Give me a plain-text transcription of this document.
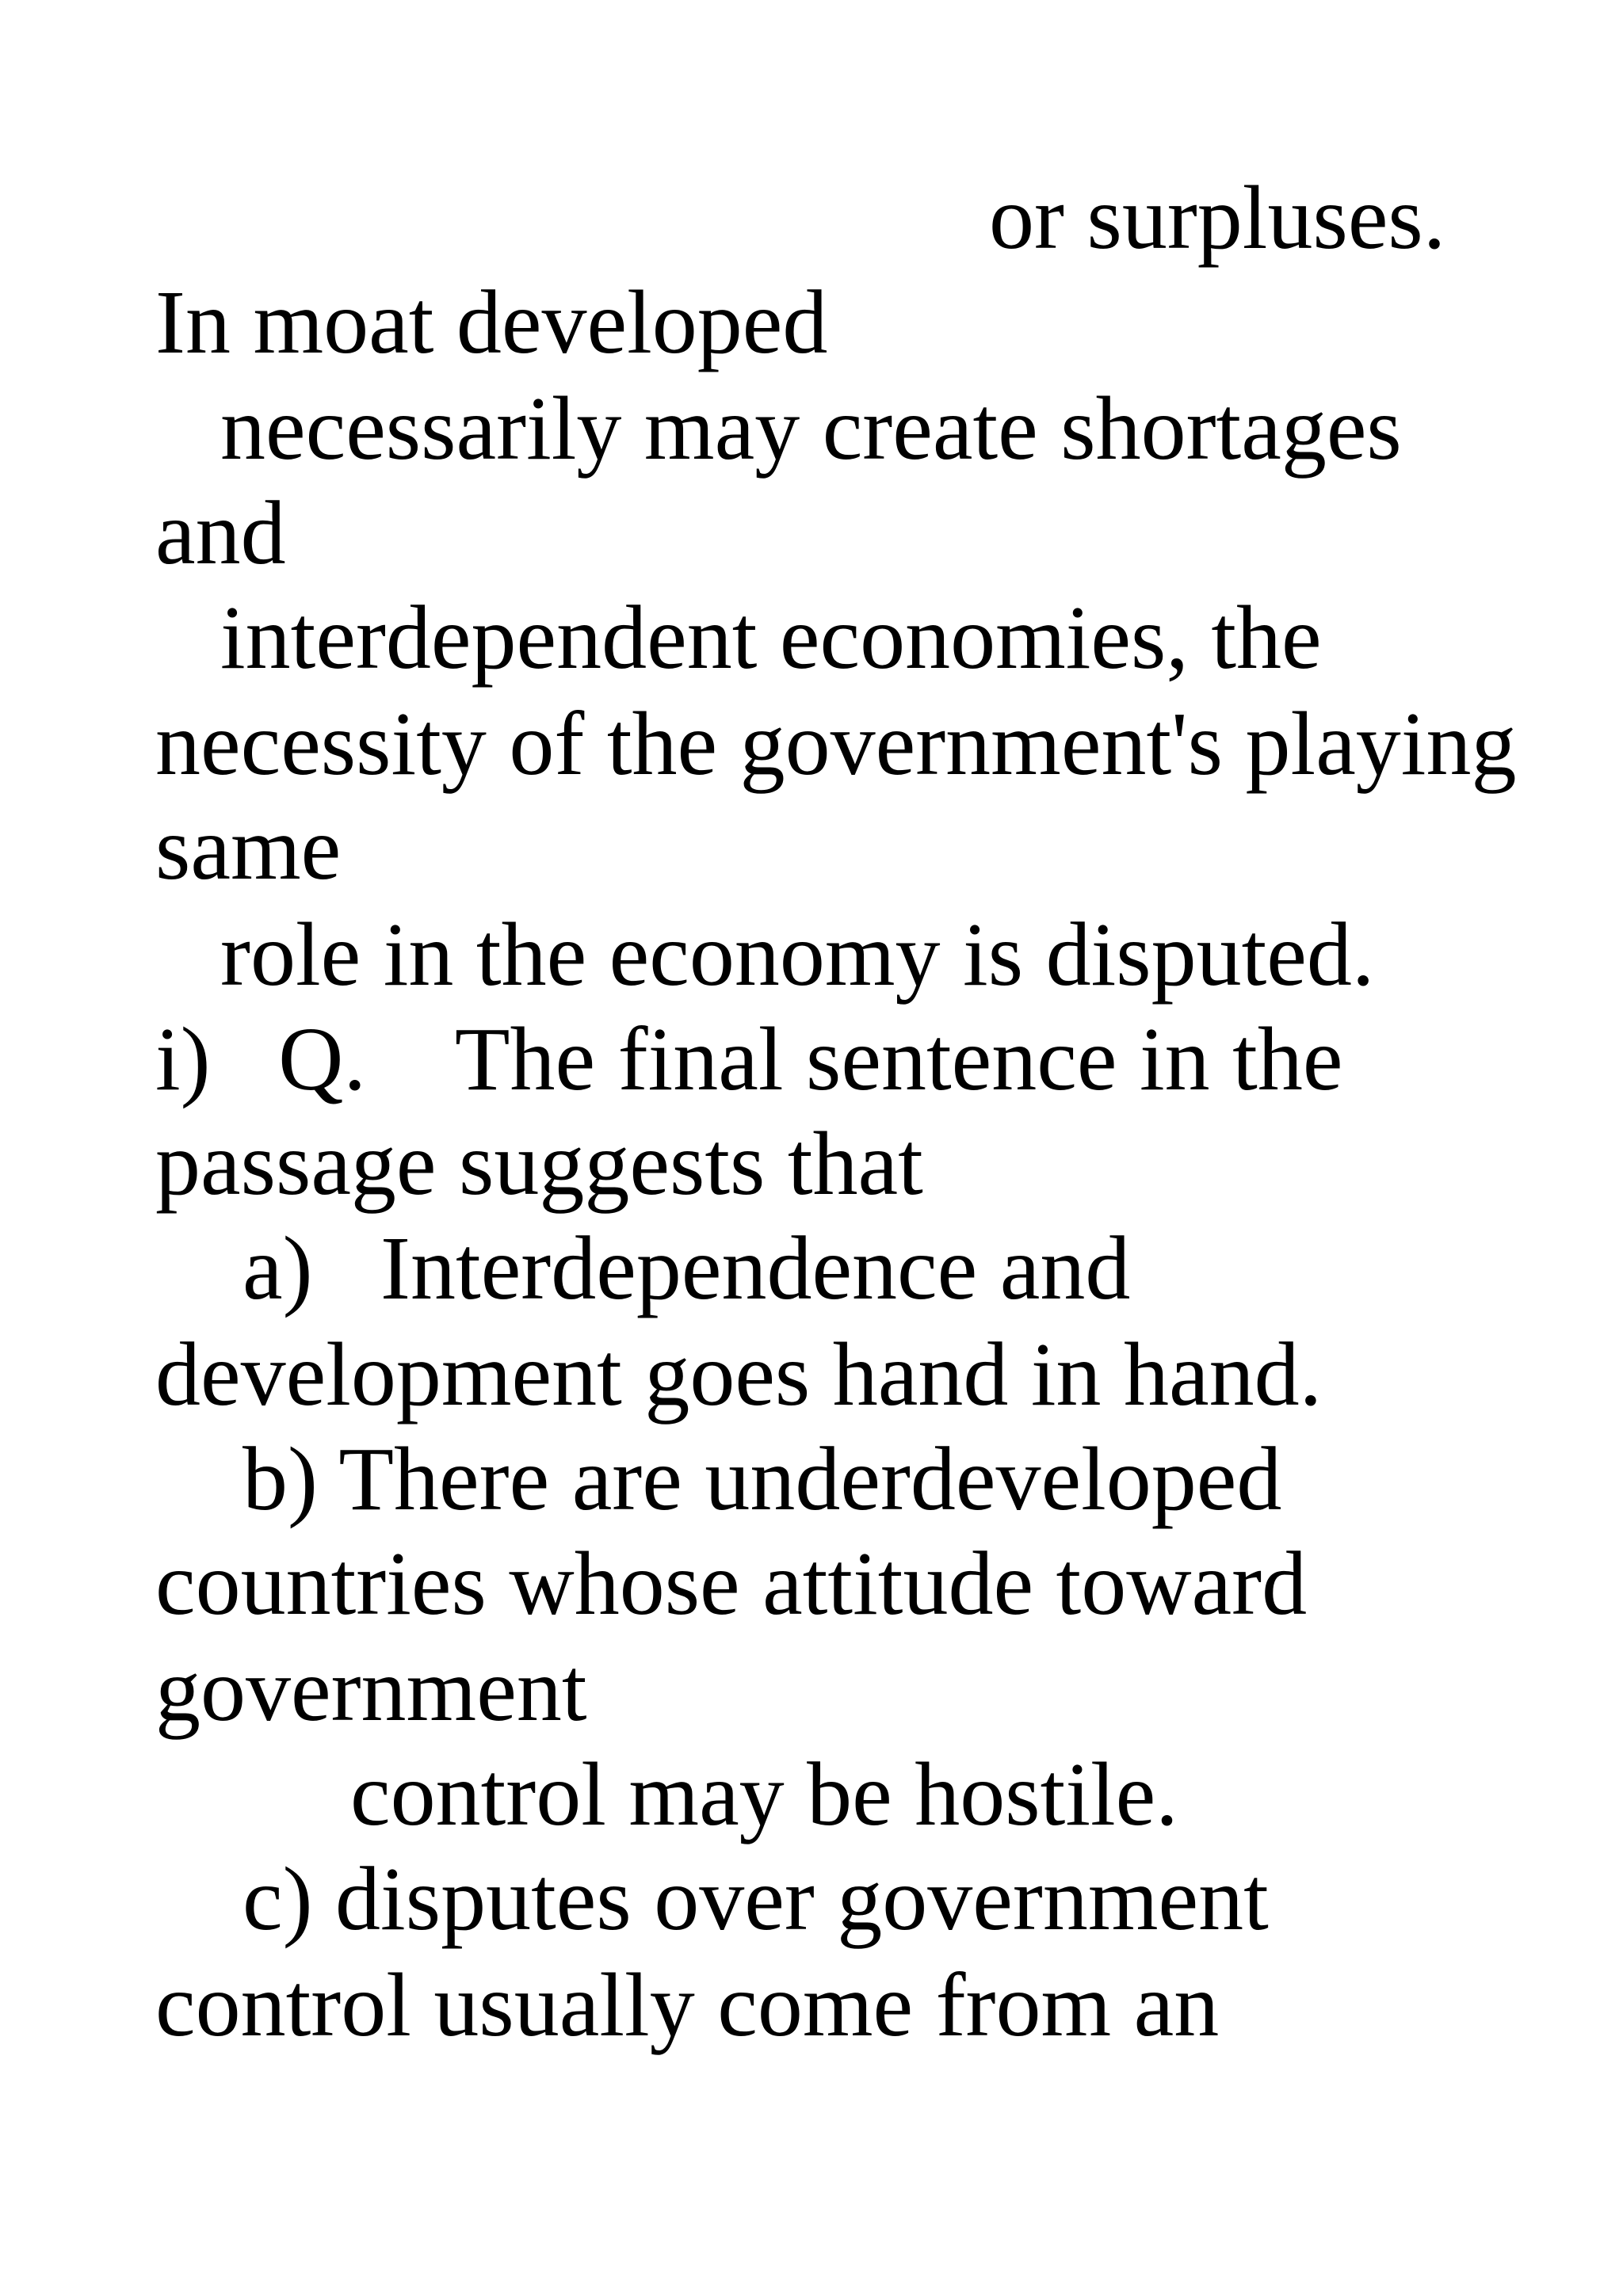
or surpluses.
In moat developed
necessarily may create shortages
and
interdependent economies, the
necessity of the government's playing
same
role in the economy is disputed.
i)   Q.    The final sentence in the
passage suggests that
a)   Interdependence and
development goes hand in hand.
b) There are underdeveloped
countries whose attitude toward
government
control may be hostile.
c) disputes over government
control usually come from an
